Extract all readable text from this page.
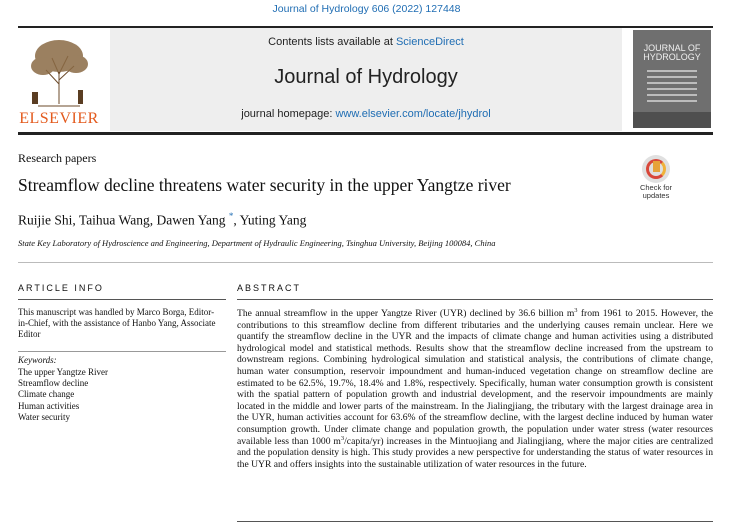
Journal of Hydrology 606 (2022) 127448
ELSEVIER
Contents lists available at ScienceDirect
Journal of Hydrology
journal homepage: www.elsevier.com/locate/jhydrol
JOURNAL OF
HYDROLOGY
Research papers
Streamflow decline threatens water security in the upper Yangtze river	Check for
updates
Ruijie Shi, Taihua Wang, Dawen Yang *, Yuting Yang
State Key Laboratory of Hydroscience and Engineering, Department of Hydraulic Engineering, Tsinghua University, Beijing 100084, China
ARTICLE INFO	ABSTRACT
This manuscript was handled by Marco Borga, Editor-in-Chief, with the assistance of Hanbo Yang, Associate Editor
Keywords:
The upper Yangtze River
Streamflow decline
Climate change
Human activities
Water security
The annual streamflow in the upper Yangtze River (UYR) declined by 36.6 billion $m^3$ from 1961 to 2015. However, the contributions to this streamflow decline from different tributaries and the underlying causes remain unclear. Here we quantify the streamflow decline in the UYR and the impacts of climate change and human activities using a distributed hydrological model and statistical methods. Results show that the streamflow decline increased from the upstream to downstream regions. Combining hydrological simulation and statistical analysis, the contributions of climate change, human water consumption, reservoir impoundment and human-induced vegetation change on streamflow decline are estimated to be 62.5%, 19.7%, 18.4% and 1.8%, respectively. Specifically, human water consumption growth is consistent with the spatial pattern of population growth and industrial development, and the reservoir impoundments are mainly located in the middle and lower parts of the mainstream. In the Jialingjiang, the tributary with the largest drainage area in the UYR, human activities account for 63.6% of the streamflow decline, with the largest decline induced by human water consumption growth. Under climate change and population growth, the population under water stress (water resources available less than 1000 $m^3/capita/yr$) increases in the Mintuojiang and Jialingjiang, where the major cities are centralized and the population density is high. This study provides a new perspective for understanding the status of water resources in the UYR and offers insights into the sustainable utilization of water resources in the future.
